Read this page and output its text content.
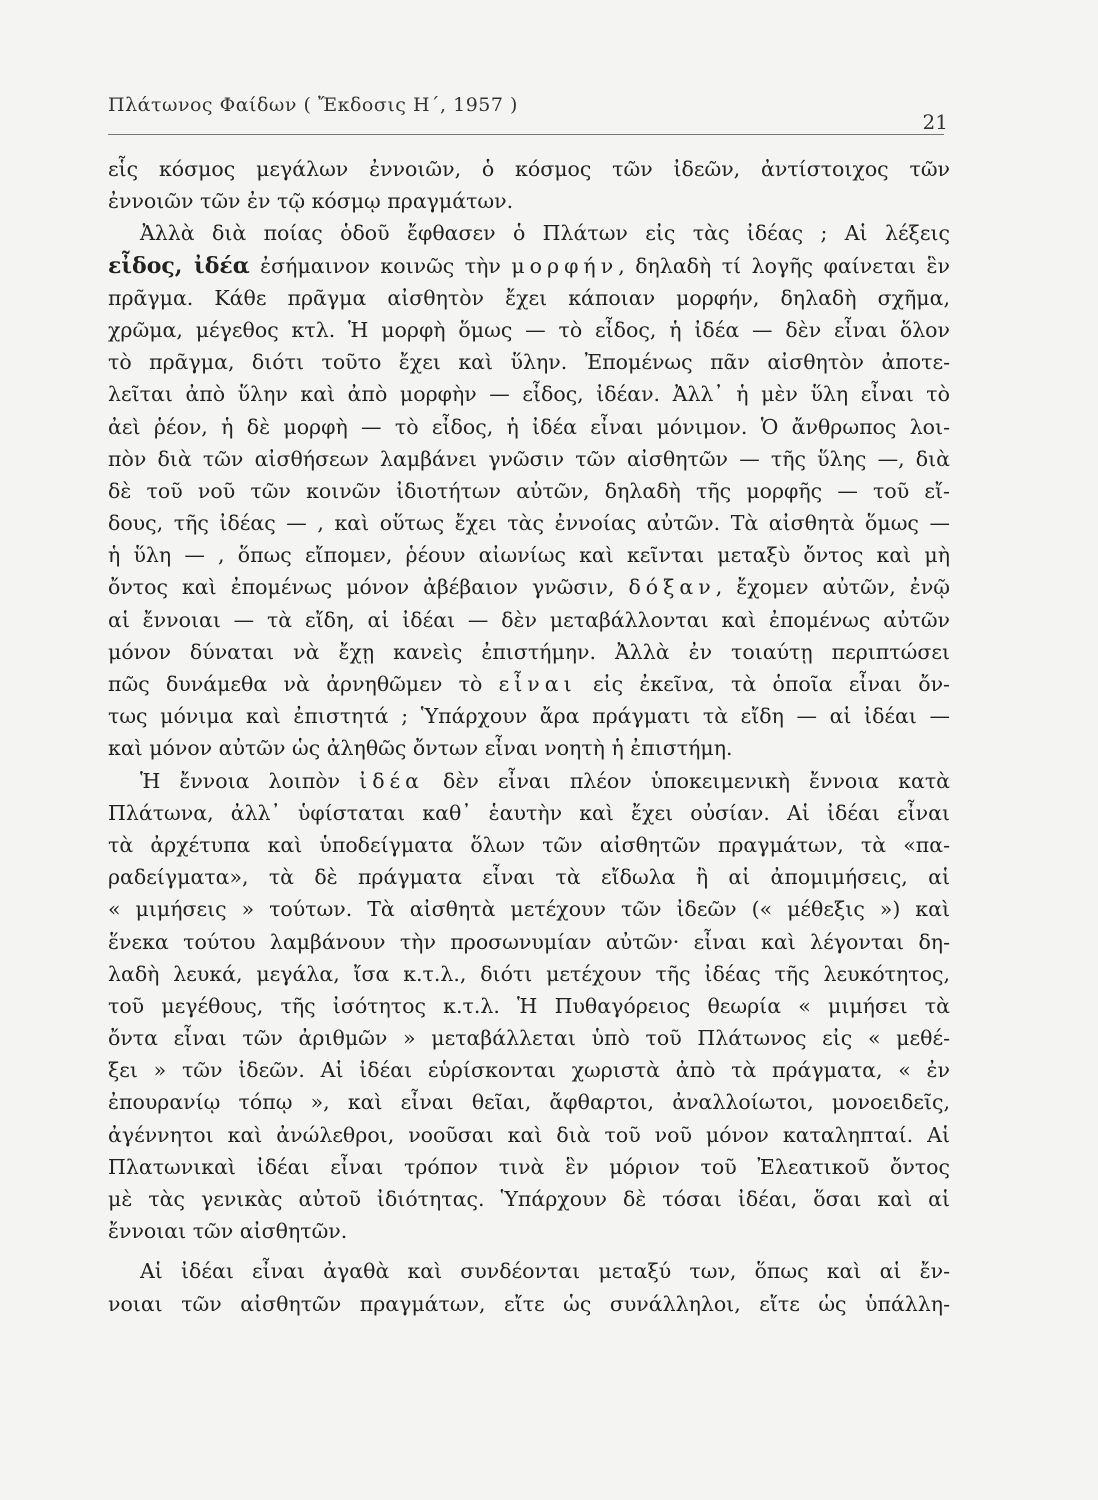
Πλάτωνος Φαίδων ( Ἔκδοσις Η΄, 1957 )
21
εἷς κόσμος μεγάλων ἐννοιῶν, ὁ κόσμος τῶν ἰδεῶν, ἀντίστοιχος τῶν
ἐννοιῶν τῶν ἐν τῷ κόσμῳ πραγμάτων.
Ἀλλὰ διὰ ποίας ὁδοῦ ἔφθασεν ὁ Πλάτων εἰς τὰς ἰδέας ; Αἱ λέξεις
εἶδος, ἰδέα ἐσήμαινον κοινῶς τὴν μορφήν, δηλαδὴ τί λογῆς φαίνεται ἓν
πρᾶγμα. Κάθε πρᾶγμα αἰσθητὸν ἔχει κάποιαν μορφήν, δηλαδὴ σχῆμα,
χρῶμα, μέγεθος κτλ. Ἡ μορφὴ ὅμως — τὸ εἶδος, ἡ ἰδέα — δὲν εἶναι ὅλον
τὸ πρᾶγμα, διότι τοῦτο ἔχει καὶ ὕλην. Ἐπομένως πᾶν αἰσθητὸν ἀποτε-
λεῖται ἀπὸ ὕλην καὶ ἀπὸ μορφὴν — εἶδος, ἰδέαν. Ἀλλ᾽ ἡ μὲν ὕλη εἶναι τὸ
ἀεὶ ῥέον, ἡ δὲ μορφὴ — τὸ εἶδος, ἡ ἰδέα εἶναι μόνιμον. Ὁ ἄνθρωπος λοι-
πὸν διὰ τῶν αἰσθήσεων λαμβάνει γνῶσιν τῶν αἰσθητῶν — τῆς ὕλης —, διὰ
δὲ τοῦ νοῦ τῶν κοινῶν ἰδιοτήτων αὐτῶν, δηλαδὴ τῆς μορφῆς — τοῦ εἴ-
δους, τῆς ἰδέας — , καὶ οὕτως ἔχει τὰς ἐννοίας αὐτῶν. Τὰ αἰσθητὰ ὅμως —
ἡ ὕλη — , ὅπως εἴπομεν, ῥέουν αἰωνίως καὶ κεῖνται μεταξὺ ὄντος καὶ μὴ
ὄντος καὶ ἐπομένως μόνον ἀβέβαιον γνῶσιν, δόξαν, ἔχομεν αὐτῶν, ἐνῷ
αἱ ἔννοιαι — τὰ εἴδη, αἱ ἰδέαι — δὲν μεταβάλλονται καὶ ἐπομένως αὐτῶν
μόνον δύναται νὰ ἔχῃ κανεὶς ἐπιστήμην. Ἀλλὰ ἐν τοιαύτῃ περιπτώσει
πῶς δυνάμεθα νὰ ἀρνηθῶμεν τὸ εἶναι εἰς ἐκεῖνα, τὰ ὁποῖα εἶναι ὄν-
τως μόνιμα καὶ ἐπιστητά ; Ὑπάρχουν ἄρα πράγματι τὰ εἴδη — αἱ ἰδέαι —
καὶ μόνον αὐτῶν ὡς ἀληθῶς ὄντων εἶναι νοητὴ ἡ ἐπιστήμη.
Ἡ ἔννοια λοιπὸν ἰδέα δὲν εἶναι πλέον ὑποκειμενικὴ ἔννοια κατὰ
Πλάτωνα, ἀλλ᾽ ὑφίσταται καθ᾽ ἑαυτὴν καὶ ἔχει οὐσίαν. Αἱ ἰδέαι εἶναι
τὰ ἀρχέτυπα καὶ ὑποδείγματα ὅλων τῶν αἰσθητῶν πραγμάτων, τὰ «πα-
ραδείγματα», τὰ δὲ πράγματα εἶναι τὰ εἴδωλα ἢ αἱ ἀπομιμήσεις, αἱ
« μιμήσεις » τούτων. Τὰ αἰσθητὰ μετέχουν τῶν ἰδεῶν (« μέθεξις ») καὶ
ἕνεκα τούτου λαμβάνουν τὴν προσωνυμίαν αὐτῶν· εἶναι καὶ λέγονται δη-
λαδὴ λευκά, μεγάλα, ἴσα κ.τ.λ., διότι μετέχουν τῆς ἰδέας τῆς λευκότητος,
τοῦ μεγέθους, τῆς ἰσότητος κ.τ.λ. Ἡ Πυθαγόρειος θεωρία « μιμήσει τὰ
ὄντα εἶναι τῶν ἀριθμῶν » μεταβάλλεται ὑπὸ τοῦ Πλάτωνος εἰς « μεθέ-
ξει » τῶν ἰδεῶν. Αἱ ἰδέαι εὑρίσκονται χωριστὰ ἀπὸ τὰ πράγματα, « ἐν
ἐπουρανίῳ τόπῳ », καὶ εἶναι θεῖαι, ἄφθαρτοι, ἀναλλοίωτοι, μονοειδεῖς,
ἀγέννητοι καὶ ἀνώλεθροι, νοοῦσαι καὶ διὰ τοῦ νοῦ μόνον καταληπταί. Αἱ
Πλατωνικαὶ ἰδέαι εἶναι τρόπον τινὰ ἓν μόριον τοῦ Ἐλεατικοῦ ὄντος
μὲ τὰς γενικὰς αὐτοῦ ἰδιότητας. Ὑπάρχουν δὲ τόσαι ἰδέαι, ὅσαι καὶ αἱ
ἔννοιαι τῶν αἰσθητῶν.
Αἱ ἰδέαι εἶναι ἀγαθὰ καὶ συνδέονται μεταξύ των, ὅπως καὶ αἱ ἔν-
νοιαι τῶν αἰσθητῶν πραγμάτων, εἴτε ὡς συνάλληλοι, εἴτε ὡς ὑπάλλη-
